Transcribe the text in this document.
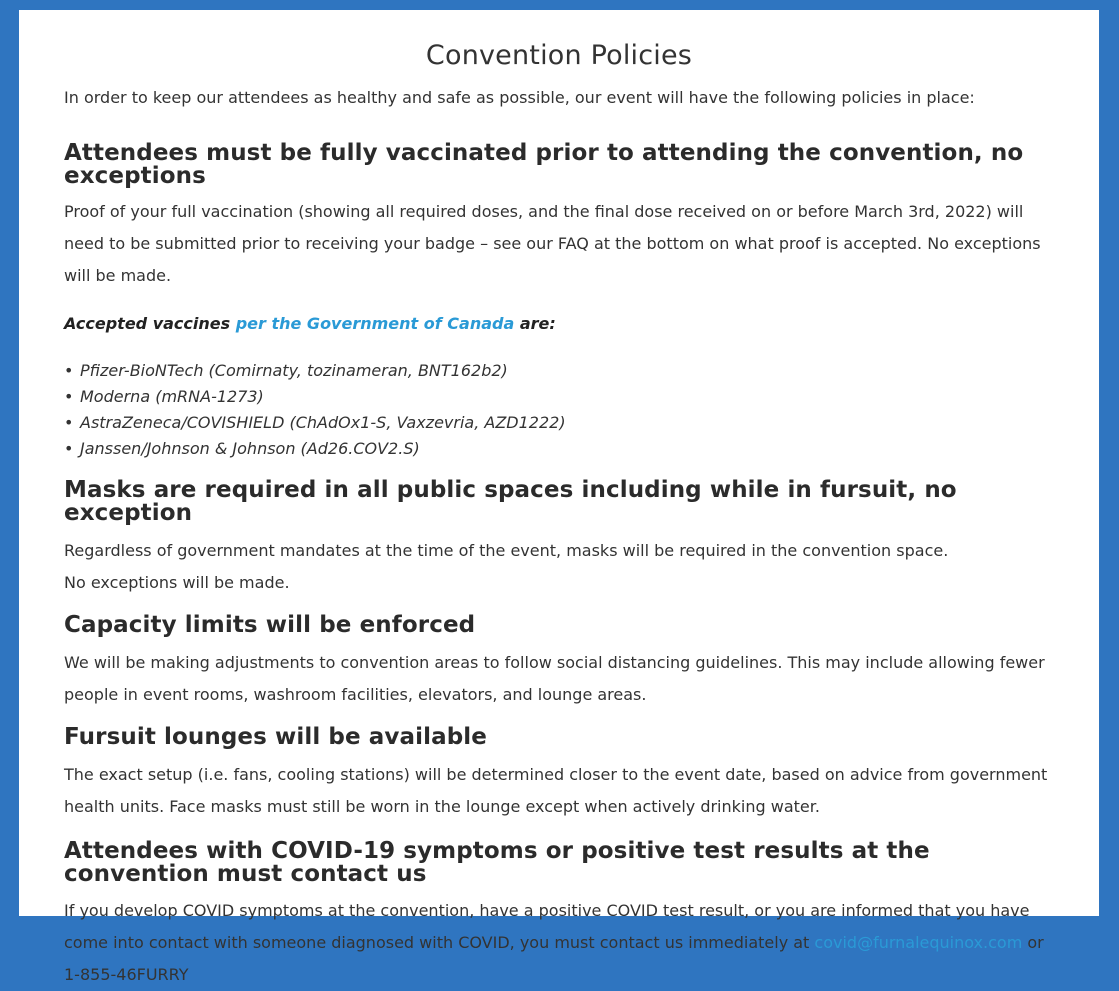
Convention Policies

In order to keep our attendees as healthy and safe as possible, our event will have the following policies in place:

Attendees must be fully vaccinated prior to attending the convention, no exceptions

Proof of your full vaccination (showing all required doses, and the final dose received on or before March 3rd, 2022) will need to be submitted prior to receiving your badge – see our FAQ at the bottom on what proof is accepted. No exceptions will be made.

Accepted vaccines per the Government of Canada are:

• Pfizer-BioNTech (Comirnaty, tozinameran, BNT162b2)
• Moderna (mRNA-1273)
• AstraZeneca/COVISHIELD (ChAdOx1-S, Vaxzevria, AZD1222)
• Janssen/Johnson & Johnson (Ad26.COV2.S)
Masks are required in all public spaces including while in fursuit, no exception

Regardless of government mandates at the time of the event, masks will be required in the convention space.

No exceptions will be made.

Capacity limits will be enforced

We will be making adjustments to convention areas to follow social distancing guidelines. This may include allowing fewer people in event rooms, washroom facilities, elevators, and lounge areas.

Fursuit lounges will be available

The exact setup (i.e. fans, cooling stations) will be determined closer to the event date, based on advice from government health units. Face masks must still be worn in the lounge except when actively drinking water.

Attendees with COVID-19 symptoms or positive test results at the convention must contact us

If you develop COVID symptoms at the convention, have a positive COVID test result, or you are informed that you have come into contact with someone diagnosed with COVID, you must contact us immediately at covid@furnalequinox.com or 1-855-46FURRY
